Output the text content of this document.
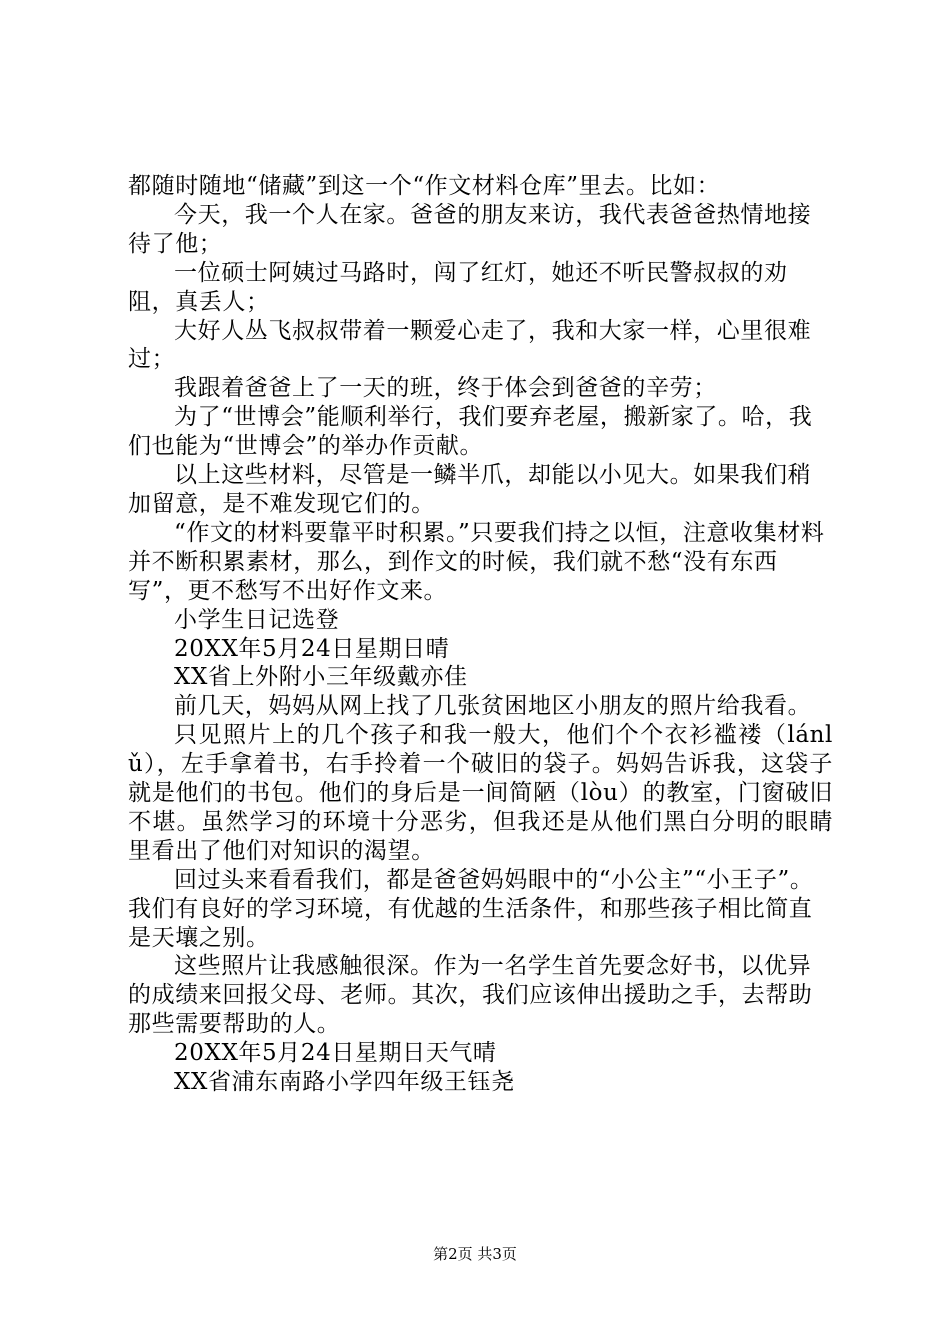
都随时随地“储藏”到这一个“作文材料仓库”里去。比如：

今天，我一个人在家。爸爸的朋友来访，我代表爸爸热情地接待了他；

一位硕士阿姨过马路时，闯了红灯，她还不听民警叔叔的劝阻，真丢人；

大好人丛飞叔叔带着一颗爱心走了，我和大家一样，心里很难过；

我跟着爸爸上了一天的班，终于体会到爸爸的辛劳；

为了“世博会”能顺利举行，我们要弃老屋，搬新家了。哈，我们也能为“世博会”的举办作贡献。

以上这些材料，尽管是一鳞半爪，却能以小见大。如果我们稍加留意，是不难发现它们的。

“作文的材料要靠平时积累。”只要我们持之以恒，注意收集材料并不断积累素材，那么，到作文的时候，我们就不愁“没有东西写”，更不愁写不出好作文来。

小学生日记选登

20XX年5月24日星期日晴

XX省上外附小三年级戴亦佳

前几天，妈妈从网上找了几张贫困地区小朋友的照片给我看。

只见照片上的几个孩子和我一般大，他们个个衣衫褴褛（lánlǔ），左手拿着书，右手拎着一个破旧的袋子。妈妈告诉我，这袋子就是他们的书包。他们的身后是一间简陋（lòu）的教室，门窗破旧不堪。虽然学习的环境十分恶劣，但我还是从他们黑白分明的眼睛里看出了他们对知识的渴望。

回过头来看看我们，都是爸爸妈妈眼中的“小公主”“小王子”。我们有良好的学习环境，有优越的生活条件，和那些孩子相比简直是天壤之别。

这些照片让我感触很深。作为一名学生首先要念好书，以优异的成绩来回报父母、老师。其次，我们应该伸出援助之手，去帮助那些需要帮助的人。

20XX年5月24日星期日天气晴

XX省浦东南路小学四年级王钰尧

第2页 共3页
